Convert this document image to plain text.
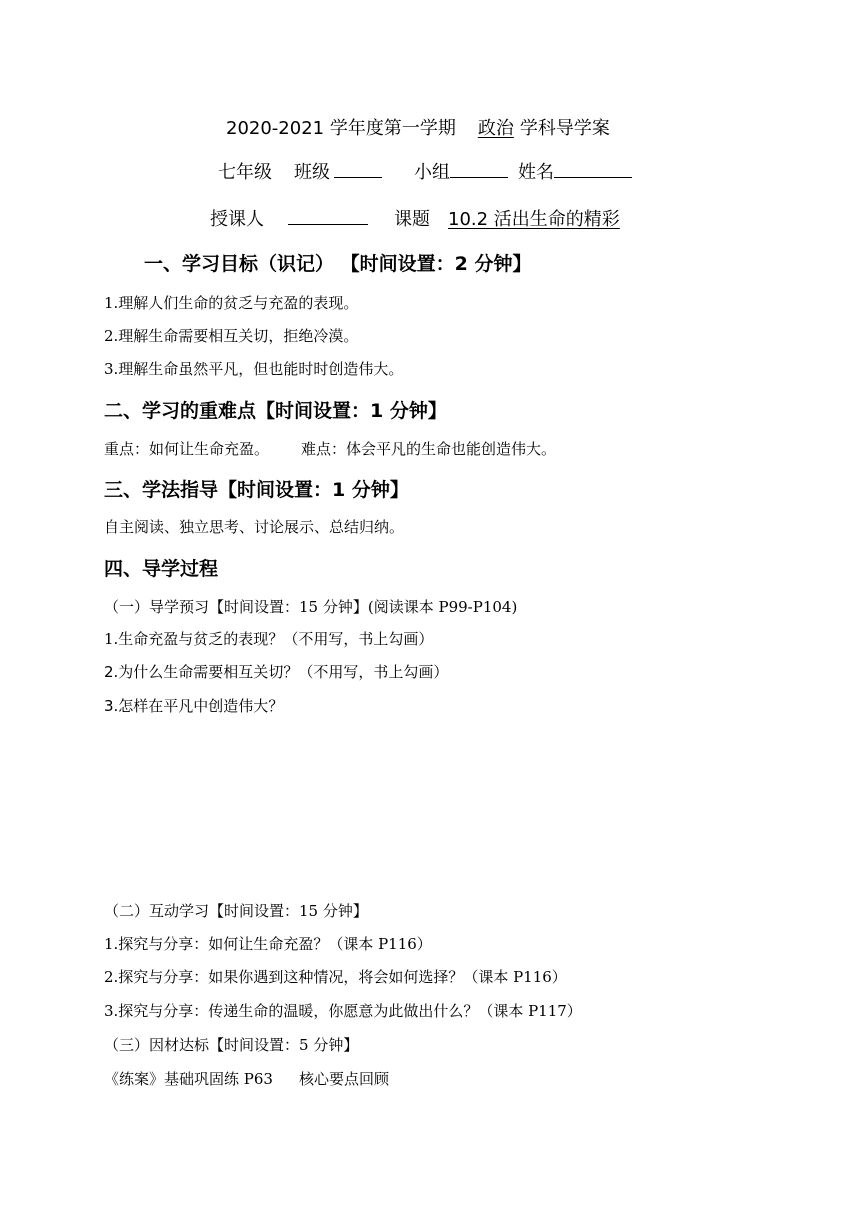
2020-2021 学年度第一学期 政治 学科导学案
七年级 班级	小组	姓名
授课人	课题 10.2 活出生命的精彩
一、学习目标（识记） 【时间设置：2 分钟】
1.理解人们生命的贫乏与充盈的表现。
2.理解生命需要相互关切，拒绝冷漠。
3.理解生命虽然平凡，但也能时时创造伟大。
二、学习的重难点【时间设置：1 分钟】
重点：如何让生命充盈。 难点：体会平凡的生命也能创造伟大。
三、学法指导【时间设置：1 分钟】
自主阅读、独立思考、讨论展示、总结归纳。
四、导学过程
（一）导学预习【时间设置：15 分钟】(阅读课本 P99-P104)
1.生命充盈与贫乏的表现？（不用写，书上勾画）
2.为什么生命需要相互关切？（不用写，书上勾画）
3.怎样在平凡中创造伟大？
（二）互动学习【时间设置：15 分钟】
1.探究与分享：如何让生命充盈？（课本 P116）
2.探究与分享：如果你遇到这种情况，将会如何选择？（课本 P116）
3.探究与分享：传递生命的温暖，你愿意为此做出什么？（课本 P117）
（三）因材达标【时间设置：5 分钟】
《练案》基础巩固练 P63 核心要点回顾
